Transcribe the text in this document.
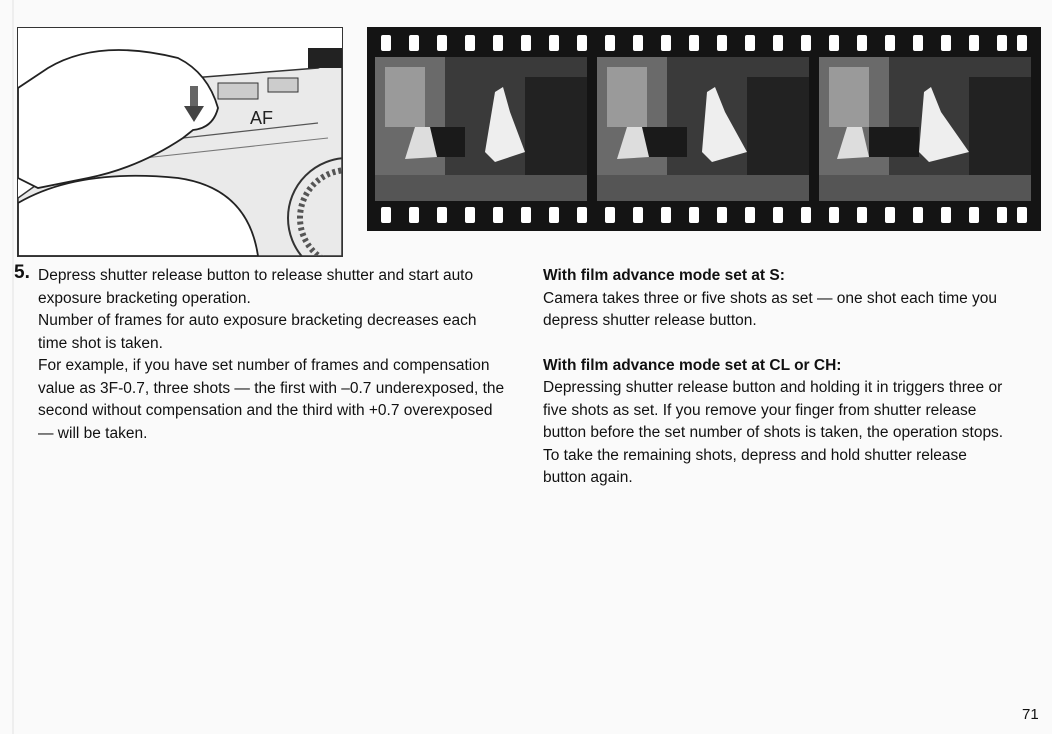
AF
5. Depress shutter release button to release shutter and start auto exposure bracketing operation.

Number of frames for auto exposure bracketing decreases each time shot is taken.

For example, if you have set number of frames and compensation value as 3F-0.7, three shots — the first with –0.7 underexposed, the second without compensation and the third with +0.7 overexposed — will be taken.

With film advance mode set at S:

Camera takes three or five shots as set — one shot each time you depress shutter release button.

With film advance mode set at CL or CH:

Depressing shutter release button and holding it in triggers three or five shots as set. If you remove your finger from shutter release button before the set number of shots is taken, the operation stops. To take the remaining shots, depress and hold shutter release button again.

71
